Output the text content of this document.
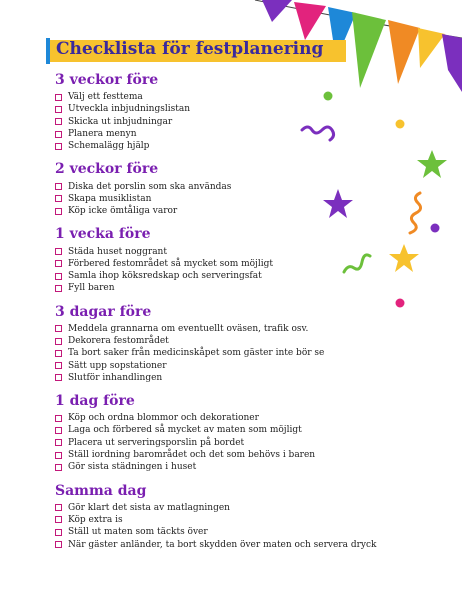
Checklista för festplanering
3 veckor före
Välj ett festtema
Utveckla inbjudningslistan
Skicka ut inbjudningar
Planera menyn
Schemalägg hjälp
2 veckor före
Diska det porslin som ska användas
Skapa musiklistan
Köp icke ömtåliga varor
1 vecka före
Städa huset noggrant
Förbered festområdet så mycket som möjligt
Samla ihop köksredskap och serveringsfat
Fyll baren
3 dagar före
Meddela grannarna om eventuellt oväsen, trafik osv.
Dekorera festområdet
Ta bort saker från medicinskåpet som gäster inte bör se
Sätt upp sopstationer
Slutför inhandlingen
1 dag före
Köp och ordna blommor och dekorationer
Laga och förbered så mycket av maten som möjligt
Placera ut serveringsporslin på bordet
Ställ iordning barområdet och det som behövs i baren
Gör sista städningen i huset
Samma dag
Gör klart det sista av matlagningen
Köp extra is
Ställ ut maten som täckts över
När gäster anländer, ta bort skydden över maten och servera dryck
